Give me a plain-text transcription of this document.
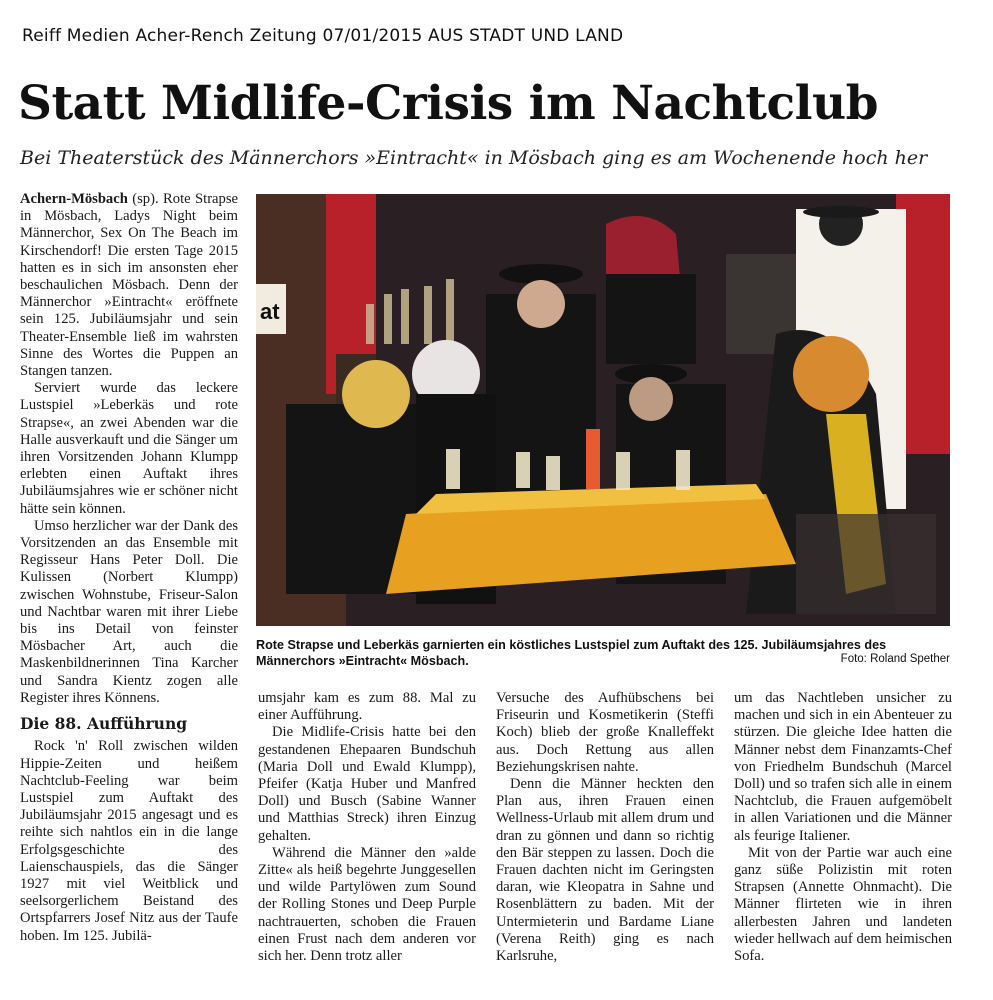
Reiff Medien Acher-Rench Zeitung 07/01/2015 AUS STADT UND LAND
Statt Midlife-Crisis im Nachtclub
Bei Theaterstück des Männerchors »Eintracht« in Mösbach ging es am Wochenende hoch her

Achern-Mösbach (sp). Rote Strapse in Mösbach, Ladys Night beim Männerchor, Sex On The Beach im Kirschendorf! Die ersten Tage 2015 hatten es in sich im ansonsten eher beschaulichen Mösbach. Denn der Männerchor »Eintracht« eröffnete sein 125. Jubiläumsjahr und sein Theater-Ensemble ließ im wahrsten Sinne des Wortes die Puppen an Stangen tanzen.

Serviert wurde das leckere Lustspiel »Leberkäs und rote Strapse«, an zwei Abenden war die Halle ausverkauft und die Sänger um ihren Vorsitzenden Johann Klumpp erlebten einen Auftakt ihres Jubiläumsjahres wie er schöner nicht hätte sein können.

Umso herzlicher war der Dank des Vorsitzenden an das Ensemble mit Regisseur Hans Peter Doll. Die Kulissen (Norbert Klumpp) zwischen Wohnstube, Friseur-Salon und Nachtbar waren mit ihrer Liebe bis ins Detail von feinster Mösbacher Art, auch die Maskenbildnerinnen Tina Karcher und Sandra Kientz zogen alle Register ihres Könnens.

Die 88. Aufführung

Rock 'n' Roll zwischen wilden Hippie-Zeiten und heißem Nachtclub-Feeling war beim Lustspiel zum Auftakt des Jubiläumsjahr 2015 angesagt und es reihte sich nahtlos ein in die lange Erfolgsgeschichte des Laienschauspiels, das die Sänger 1927 mit viel Weitblick und seelsorgerlichem Beistand des Ortspfarrers Josef Nitz aus der Taufe hoben. Im 125. Jubilä-

at
Rote Strapse und Leberkäs garnierten ein köstliches Lustspiel zum Auftakt des 125. Jubiläumsjahres des Männerchors »Eintracht« Mösbach.	Foto: Roland Spether

umsjahr kam es zum 88. Mal zu einer Aufführung.

Die Midlife-Crisis hatte bei den gestandenen Ehepaaren Bundschuh (Maria Doll und Ewald Klumpp), Pfeifer (Katja Huber und Manfred Doll) und Busch (Sabine Wanner und Matthias Streck) ihren Einzug gehalten.

Während die Männer den »alde Zitte« als heiß begehrte Junggesellen und wilde Partylöwen zum Sound der Rolling Stones und Deep Purple nachtrauerten, schoben die Frauen einen Frust nach dem anderen vor sich her. Denn trotz aller

Versuche des Aufhübschens bei Friseurin und Kosmetikerin (Steffi Koch) blieb der große Knalleffekt aus. Doch Rettung aus allen Beziehungskrisen nahte.

Denn die Männer heckten den Plan aus, ihren Frauen einen Wellness-Urlaub mit allem drum und dran zu gönnen und dann so richtig den Bär steppen zu lassen. Doch die Frauen dachten nicht im Geringsten daran, wie Kleopatra in Sahne und Rosenblättern zu baden. Mit der Untermieterin und Bardame Liane (Verena Reith) ging es nach Karlsruhe,

um das Nachtleben unsicher zu machen und sich in ein Abenteuer zu stürzen. Die gleiche Idee hatten die Männer nebst dem Finanzamts-Chef von Friedhelm Bundschuh (Marcel Doll) und so trafen sich alle in einem Nachtclub, die Frauen aufgemöbelt in allen Variationen und die Männer als feurige Italiener.

Mit von der Partie war auch eine ganz süße Polizistin mit roten Strapsen (Annette Ohnmacht). Die Männer flirteten wie in ihren allerbesten Jahren und landeten wieder hellwach auf dem heimischen Sofa.
